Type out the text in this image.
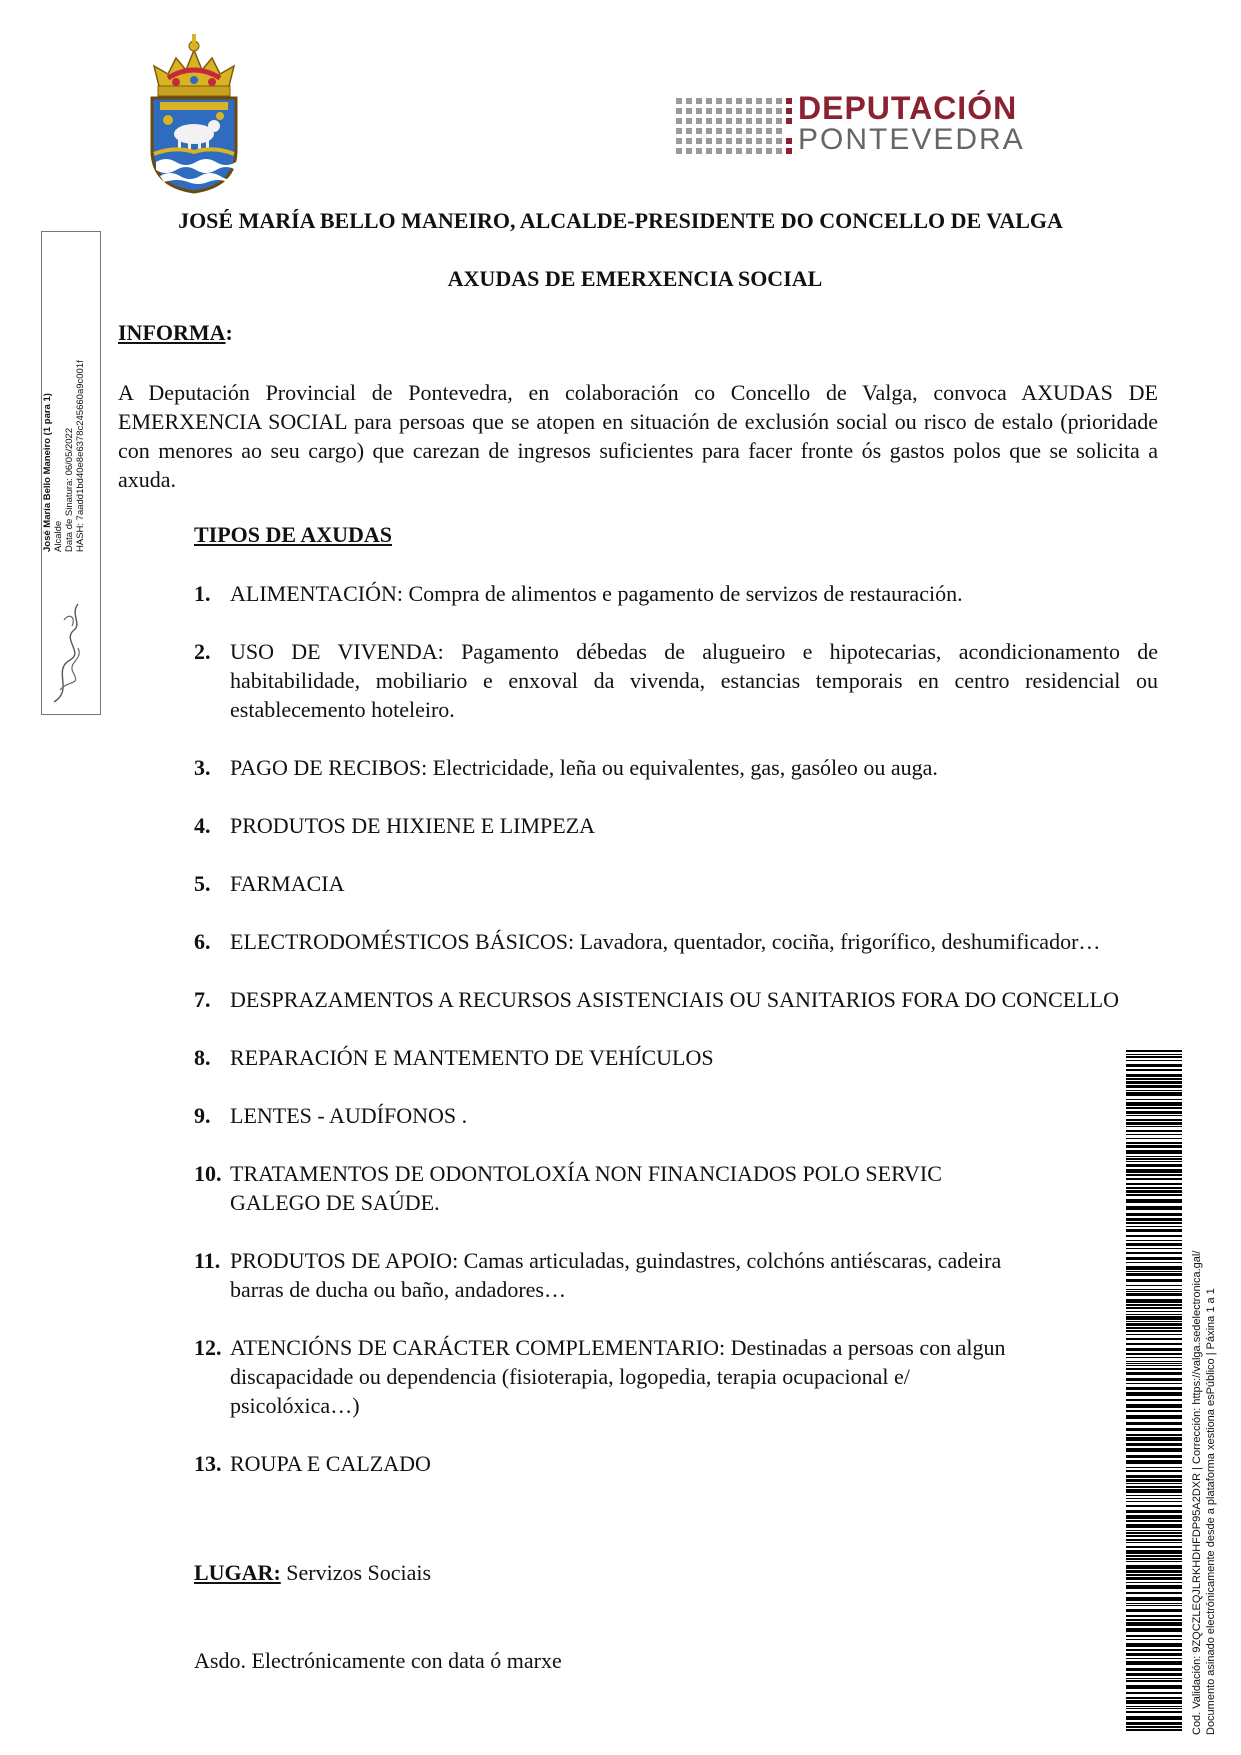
DEPUTACIÓN
PONTEVEDRA
José María Bello Maneiro (1 para 1) Alcalde Data de Sinatura: 06/05/2022 HASH: 7aadd1bd40e8e6378c245660a9c001f
JOSÉ MARÍA BELLO MANEIRO, ALCALDE-PRESIDENTE DO CONCELLO DE VALGA
AXUDAS DE EMERXENCIA SOCIAL
INFORMA:
A Deputación Provincial de Pontevedra, en colaboración co Concello de Valga, convoca AXUDAS DE EMERXENCIA SOCIAL para persoas que se atopen en situación de exclusión social ou risco de estalo (prioridade con menores ao seu cargo) que carezan de ingresos suficientes para facer fronte ós gastos polos que se solicita a axuda.
TIPOS DE AXUDAS
1. ALIMENTACIÓN: Compra de alimentos e pagamento de servizos de restauración.
2. USO DE VIVENDA: Pagamento débedas de alugueiro e hipotecarias, acondicionamento de habitabilidade, mobiliario e enxoval da vivenda, estancias temporais en centro residencial ou establecemento hoteleiro.
3. PAGO DE RECIBOS: Electricidade, leña ou equivalentes, gas, gasóleo ou auga.
4. PRODUTOS DE HIXIENE E LIMPEZA
5. FARMACIA
6. ELECTRODOMÉSTICOS BÁSICOS: Lavadora, quentador, cociña, frigorífico, deshumificador…
7. DESPRAZAMENTOS A RECURSOS ASISTENCIAIS OU SANITARIOS FORA DO CONCELLO
8. REPARACIÓN E MANTEMENTO DE VEHÍCULOS
9. LENTES - AUDÍFONOS .
10. TRATAMENTOS DE ODONTOLOXÍA NON FINANCIADOS POLO SERVIC
GALEGO DE SAÚDE.
11. PRODUTOS DE APOIO: Camas articuladas, guindastres, colchóns antiéscaras, cadeira
barras de ducha ou baño, andadores…
12. ATENCIÓNS DE CARÁCTER COMPLEMENTARIO: Destinadas a persoas con algun
discapacidade ou dependencia (fisioterapia, logopedia, terapia ocupacional e/
psicolóxica…)
13. ROUPA E CALZADO
LUGAR: Servizos Sociais
Asdo. Electrónicamente con data ó marxe	Cod. Validación: 9ZQCZLEQJLRKHDHFDP95A2DXR | Corrección: https://valga.sedelectronica.gal/ Documento asinado electrónicamente desde a plataforma xestiona esPúblico | Páxina 1 a 1
